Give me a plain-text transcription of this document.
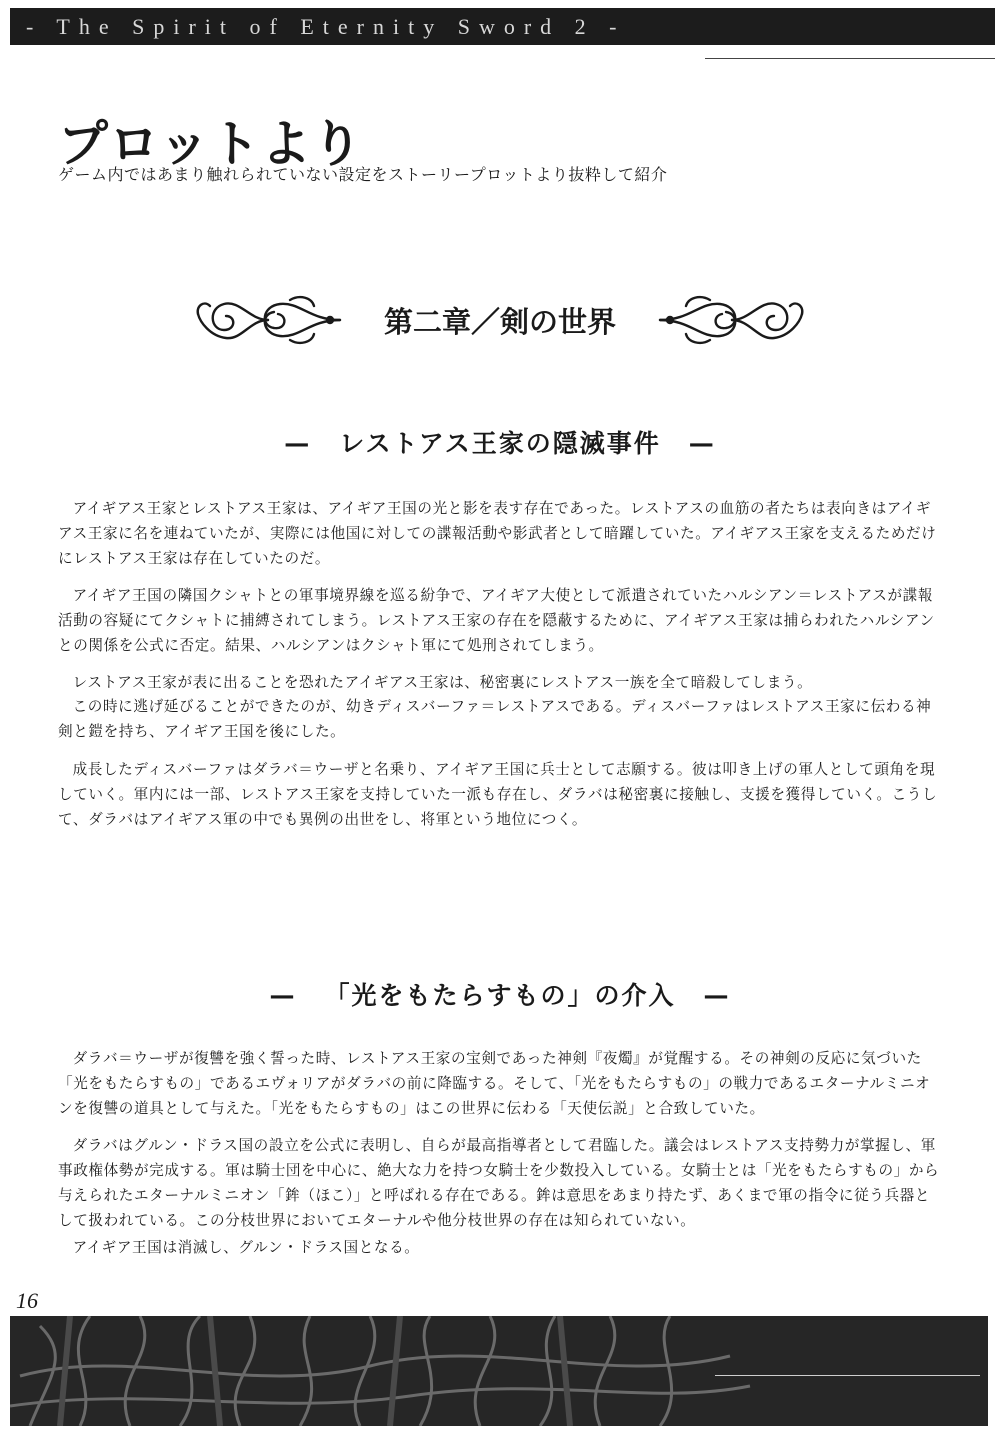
- The Spirit of Eternity Sword 2 -
プロットより
ゲーム内ではあまり触れられていない設定をストーリープロットより抜粋して紹介
第二章／剣の世界
— レストアス王家の隠滅事件 —

アイギアス王家とレストアス王家は、アイギア王国の光と影を表す存在であった。レストアスの血筋の者たちは表向きはアイギアス王家に名を連ねていたが、実際には他国に対しての諜報活動や影武者として暗躍していた。アイギアス王家を支えるためだけにレストアス王家は存在していたのだ。

アイギア王国の隣国クシャトとの軍事境界線を巡る紛争で、アイギア大使として派遣されていたハルシアン＝レストアスが諜報活動の容疑にてクシャトに捕縛されてしまう。レストアス王家の存在を隠蔽するために、アイギアス王家は捕らわれたハルシアンとの関係を公式に否定。結果、ハルシアンはクシャト軍にて処刑されてしまう。

レストアス王家が表に出ることを恐れたアイギアス王家は、秘密裏にレストアス一族を全て暗殺してしまう。

この時に逃げ延びることができたのが、幼きディスバーファ＝レストアスである。ディスバーファはレストアス王家に伝わる神剣と鎧を持ち、アイギア王国を後にした。

成長したディスバーファはダラバ＝ウーザと名乗り、アイギア王国に兵士として志願する。彼は叩き上げの軍人として頭角を現していく。軍内には一部、レストアス王家を支持していた一派も存在し、ダラバは秘密裏に接触し、支援を獲得していく。こうして、ダラバはアイギアス軍の中でも異例の出世をし、将軍という地位につく。

— 「光をもたらすもの」の介入 —

ダラバ＝ウーザが復讐を強く誓った時、レストアス王家の宝剣であった神剣『夜燭』が覚醒する。その神剣の反応に気づいた「光をもたらすもの」であるエヴォリアがダラバの前に降臨する。そして、「光をもたらすもの」の戦力であるエターナルミニオンを復讐の道具として与えた。「光をもたらすもの」はこの世界に伝わる「天使伝説」と合致していた。

ダラバはグルン・ドラス国の設立を公式に表明し、自らが最高指導者として君臨した。議会はレストアス支持勢力が掌握し、軍事政権体勢が完成する。軍は騎士団を中心に、絶大な力を持つ女騎士を少数投入している。女騎士とは「光をもたらすもの」から与えられたエターナルミニオン「鉾（ほこ）」と呼ばれる存在である。鉾は意思をあまり持たず、あくまで軍の指令に従う兵器として扱われている。この分枝世界においてエターナルや他分枝世界の存在は知られていない。

アイギア王国は消滅し、グルン・ドラス国となる。

16
